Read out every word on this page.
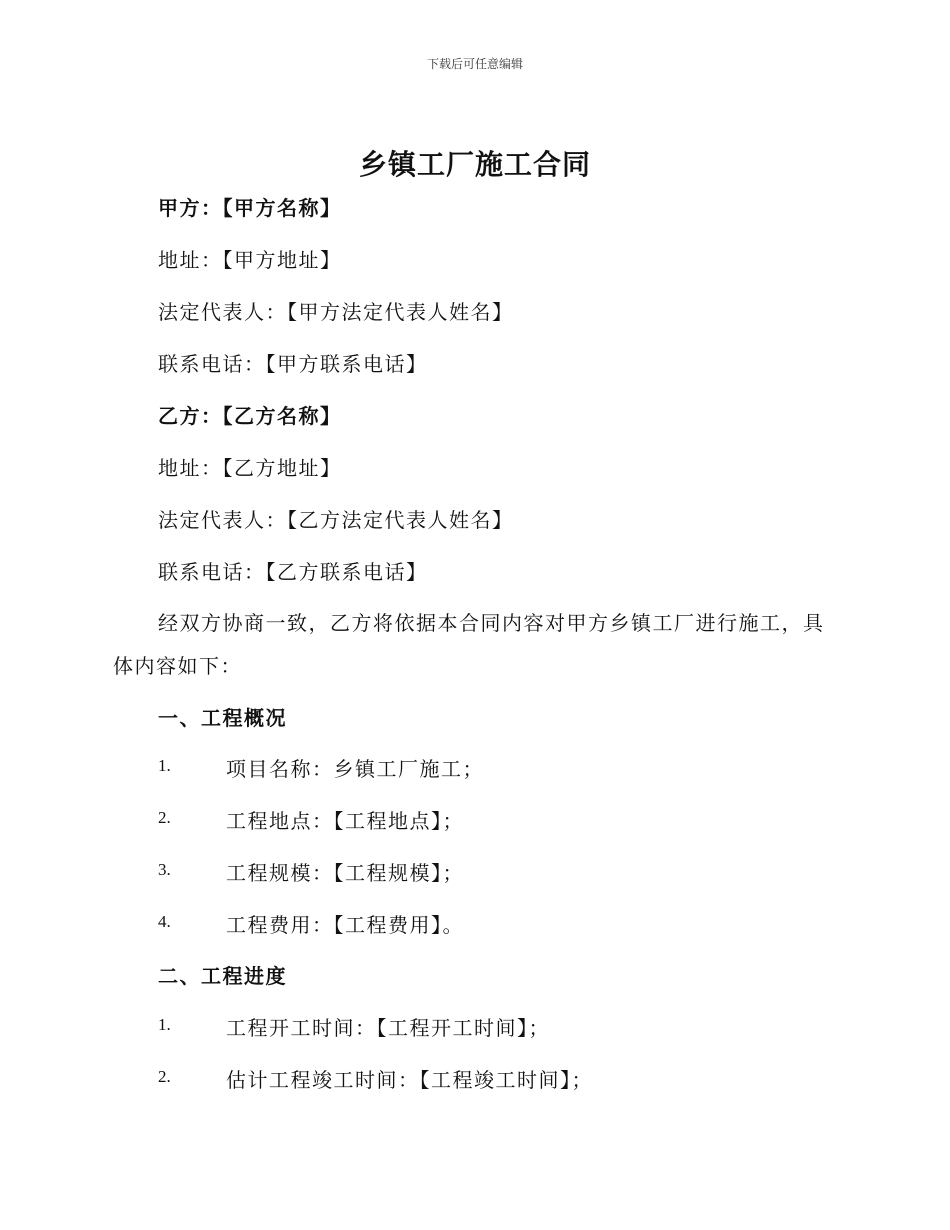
下载后可任意编辑
乡镇工厂施工合同
甲方：【甲方名称】
地址：【甲方地址】
法定代表人：【甲方法定代表人姓名】
联系电话：【甲方联系电话】
乙方：【乙方名称】
地址：【乙方地址】
法定代表人：【乙方法定代表人姓名】
联系电话：【乙方联系电话】
经双方协商一致，乙方将依据本合同内容对甲方乡镇工厂进行施工，具
体内容如下：
一、工程概况
1.	项目名称：乡镇工厂施工；
2.	工程地点：【工程地点】；
3.	工程规模：【工程规模】；
4.	工程费用：【工程费用】。
二、工程进度
1.	工程开工时间：【工程开工时间】；
2.	估计工程竣工时间：【工程竣工时间】；
